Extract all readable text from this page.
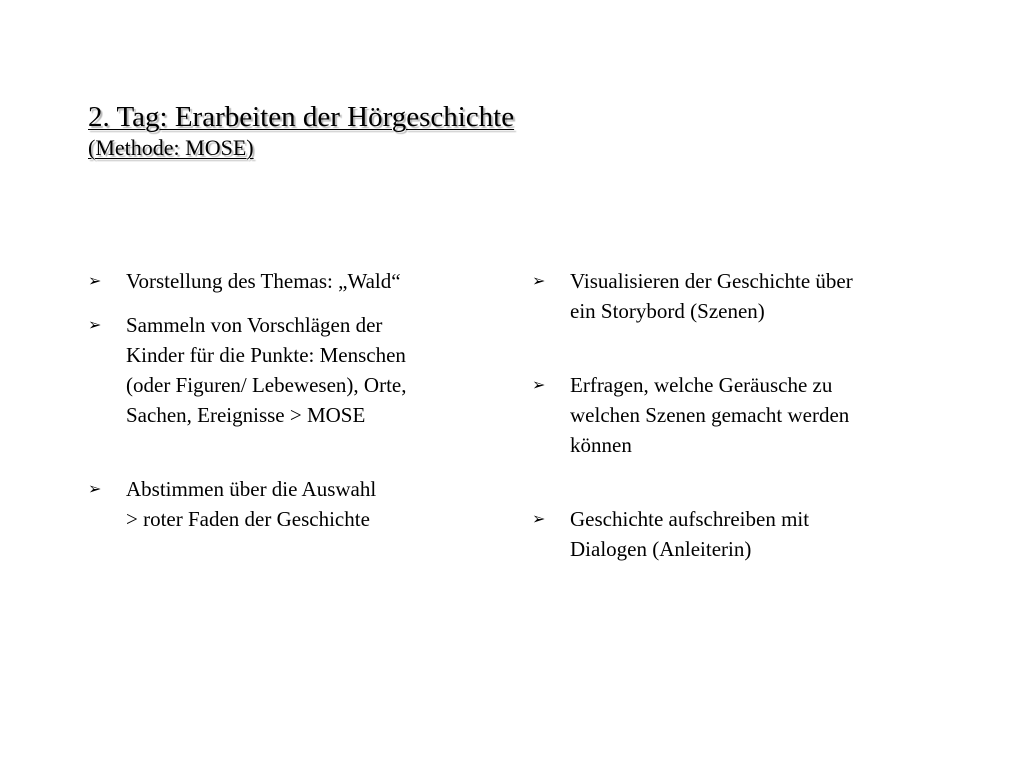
2. Tag: Erarbeiten der Hörgeschichte
(Methode: MOSE)
➢ Vorstellung des Themas: „Wald“
➢ Sammeln von Vorschlägen der
Kinder für die Punkte: Menschen
(oder Figuren/ Lebewesen), Orte,
Sachen, Ereignisse > MOSE
➢ Abstimmen über die Auswahl
> roter Faden der Geschichte
➢ Visualisieren der Geschichte über
ein Storybord (Szenen)
➢ Erfragen, welche Geräusche zu
welchen Szenen gemacht werden
können
➢ Geschichte aufschreiben mit
Dialogen (Anleiterin)
